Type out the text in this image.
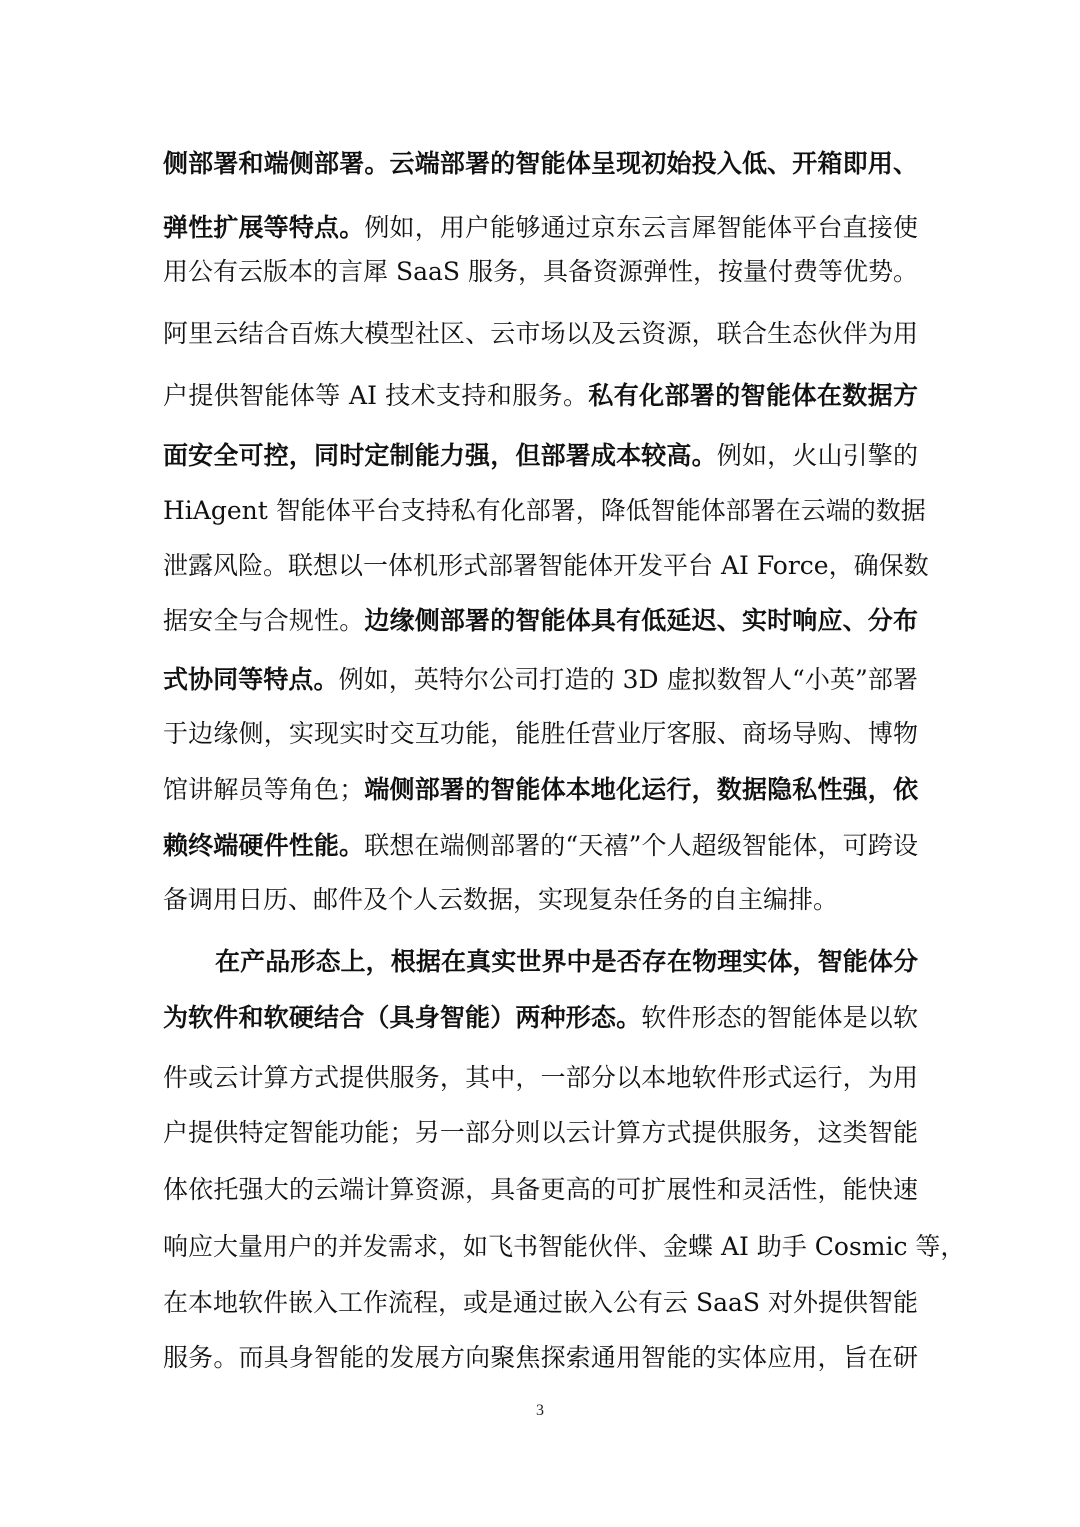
侧部署和端侧部署。云端部署的智能体呈现初始投入低、开箱即用、
弹性扩展等特点。例如，用户能够通过京东云言犀智能体平台直接使
用公有云版本的言犀 SaaS 服务，具备资源弹性，按量付费等优势。
阿里云结合百炼大模型社区、云市场以及云资源，联合生态伙伴为用
户提供智能体等 AI 技术支持和服务。私有化部署的智能体在数据方
面安全可控，同时定制能力强，但部署成本较高。例如，火山引擎的
HiAgent 智能体平台支持私有化部署，降低智能体部署在云端的数据
泄露风险。联想以一体机形式部署智能体开发平台 AI Force，确保数
据安全与合规性。边缘侧部署的智能体具有低延迟、实时响应、分布
式协同等特点。例如，英特尔公司打造的 3D 虚拟数智人“小英”部署
于边缘侧，实现实时交互功能，能胜任营业厅客服、商场导购、博物
馆讲解员等角色；端侧部署的智能体本地化运行，数据隐私性强，依
赖终端硬件性能。联想在端侧部署的“天禧”个人超级智能体，可跨设
备调用日历、邮件及个人云数据，实现复杂任务的自主编排。
在产品形态上，根据在真实世界中是否存在物理实体，智能体分
为软件和软硬结合（具身智能）两种形态。软件形态的智能体是以软
件或云计算方式提供服务，其中，一部分以本地软件形式运行，为用
户提供特定智能功能；另一部分则以云计算方式提供服务，这类智能
体依托强大的云端计算资源，具备更高的可扩展性和灵活性，能快速
响应大量用户的并发需求，如飞书智能伙伴、金蝶 AI 助手 Cosmic 等，
在本地软件嵌入工作流程，或是通过嵌入公有云 SaaS 对外提供智能
服务。而具身智能的发展方向聚焦探索通用智能的实体应用，旨在研
3
